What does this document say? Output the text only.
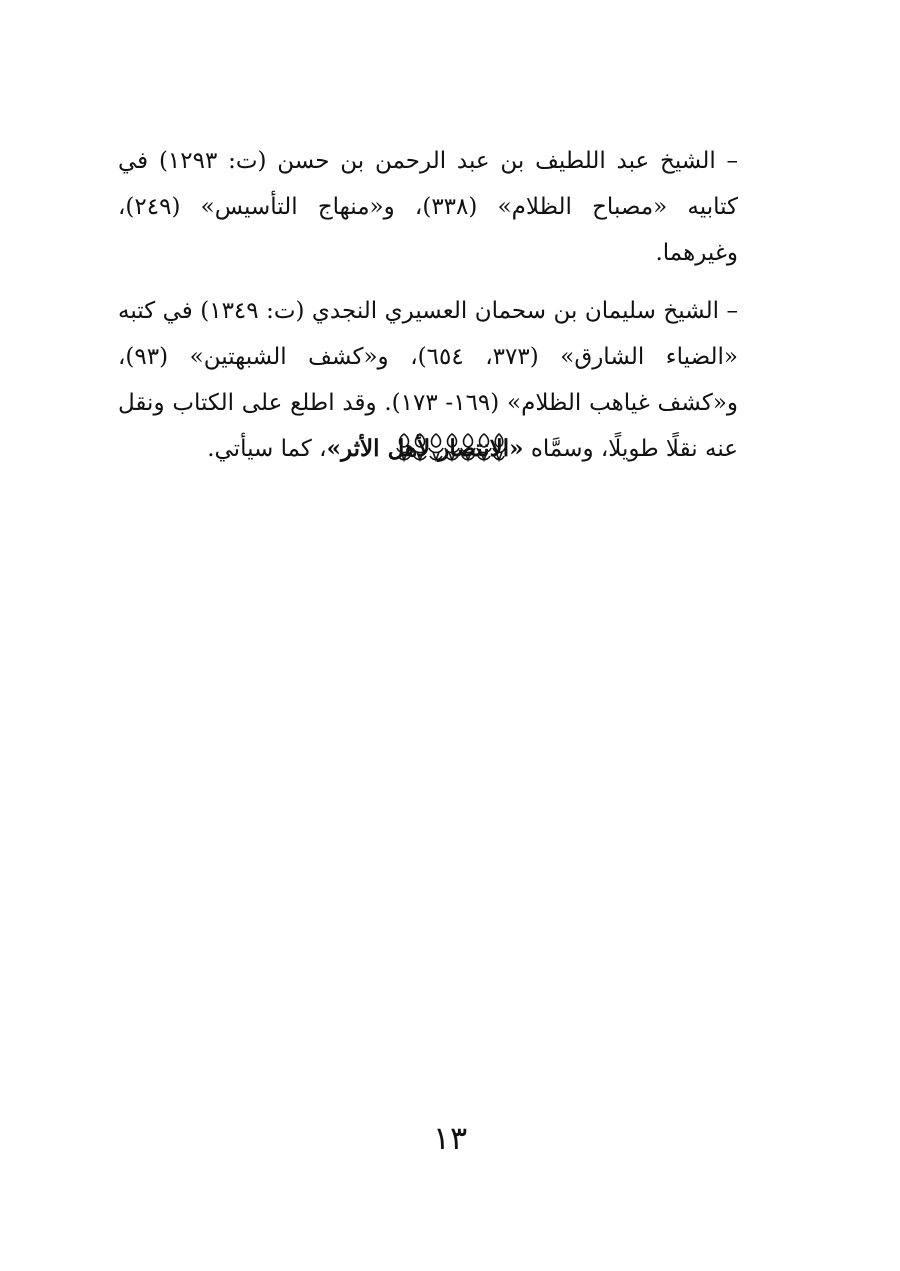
– الشيخ عبد اللطيف بن عبد الرحمن بن حسن (ت: ١٢٩٣) في كتابيه «مصباح الظلام» (٣٣٨)، و«منهاج التأسيس» (٢٤٩)، وغيرهما.

– الشيخ سليمان بن سحمان العسيري النجدي (ت: ١٣٤٩) في كتبه «الضياء الشارق» (٣٧٣، ٦٥٤)، و«كشف الشبهتين» (٩٣)، و«كشف غياهب الظلام» (١٦٩- ١٧٣). وقد اطلع على الكتاب ونقل عنه نقلًا طويلًا، وسمَّاه «الانتصار لأهل الأثر»، كما سيأتي.

١٣
